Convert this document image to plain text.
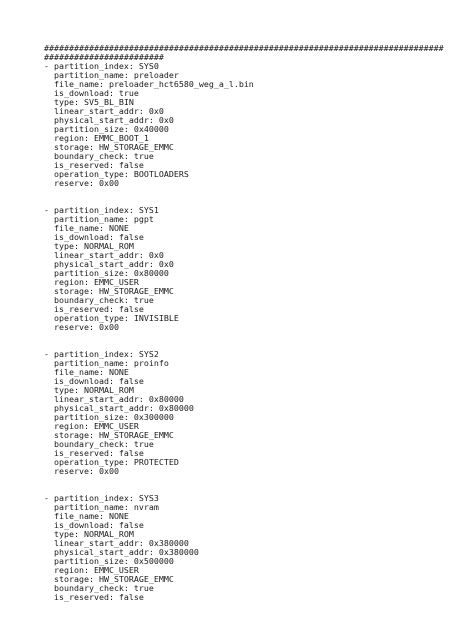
################################################################################
########################
- partition_index: SYS0
partition_name: preloader
file_name: preloader_hct6580_weg_a_l.bin
is_download: true
type: SV5_BL_BIN
linear_start_addr: 0x0
physical_start_addr: 0x0
partition_size: 0x40000
region: EMMC_BOOT_1
storage: HW_STORAGE_EMMC
boundary_check: true
is_reserved: false
operation_type: BOOTLOADERS
reserve: 0x00
- partition_index: SYS1
partition_name: pgpt
file_name: NONE
is_download: false
type: NORMAL_ROM
linear_start_addr: 0x0
physical_start_addr: 0x0
partition_size: 0x80000
region: EMMC_USER
storage: HW_STORAGE_EMMC
boundary_check: true
is_reserved: false
operation_type: INVISIBLE
reserve: 0x00
- partition_index: SYS2
partition_name: proinfo
file_name: NONE
is_download: false
type: NORMAL_ROM
linear_start_addr: 0x80000
physical_start_addr: 0x80000
partition_size: 0x300000
region: EMMC_USER
storage: HW_STORAGE_EMMC
boundary_check: true
is_reserved: false
operation_type: PROTECTED
reserve: 0x00
- partition_index: SYS3
partition_name: nvram
file_name: NONE
is_download: false
type: NORMAL_ROM
linear_start_addr: 0x380000
physical_start_addr: 0x380000
partition_size: 0x500000
region: EMMC_USER
storage: HW_STORAGE_EMMC
boundary_check: true
is_reserved: false
